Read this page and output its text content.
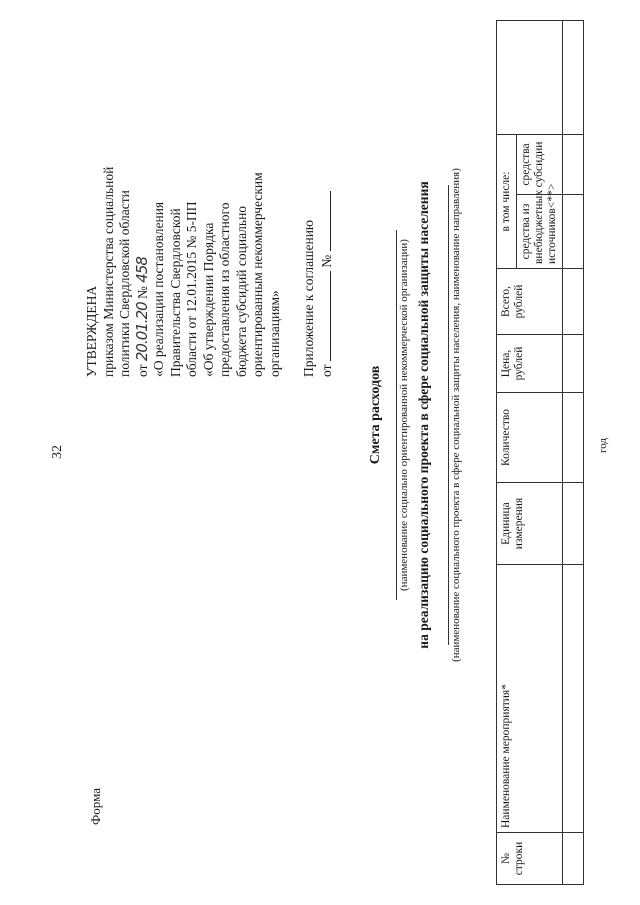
32
Форма
УТВЕРЖДЕНА приказом Министерства социальной политики Свердловской области от 20.01.20 № 458 «О реализации постановления Правительства Свердловской области от 12.01.2015 № 5-ПП «Об утверждении Порядка предоставления из областного бюджета субсидий социально ориентированным некоммерческим организациям» Приложение к соглашению от  №
Смета расходов (наименование социально ориентированной некоммерческой организации) на реализацию социального проекта в сфере социальной защиты населения (наименование социального проекта в сфере социальной защиты населения, наименование направления)
№ строки	Наименование мероприятия*	Единица измерения	Количество	Цена, рублей	Всего, рублей	в том числе:		
						средства из внебюджетных источников<**>	средства субсидии	

год
